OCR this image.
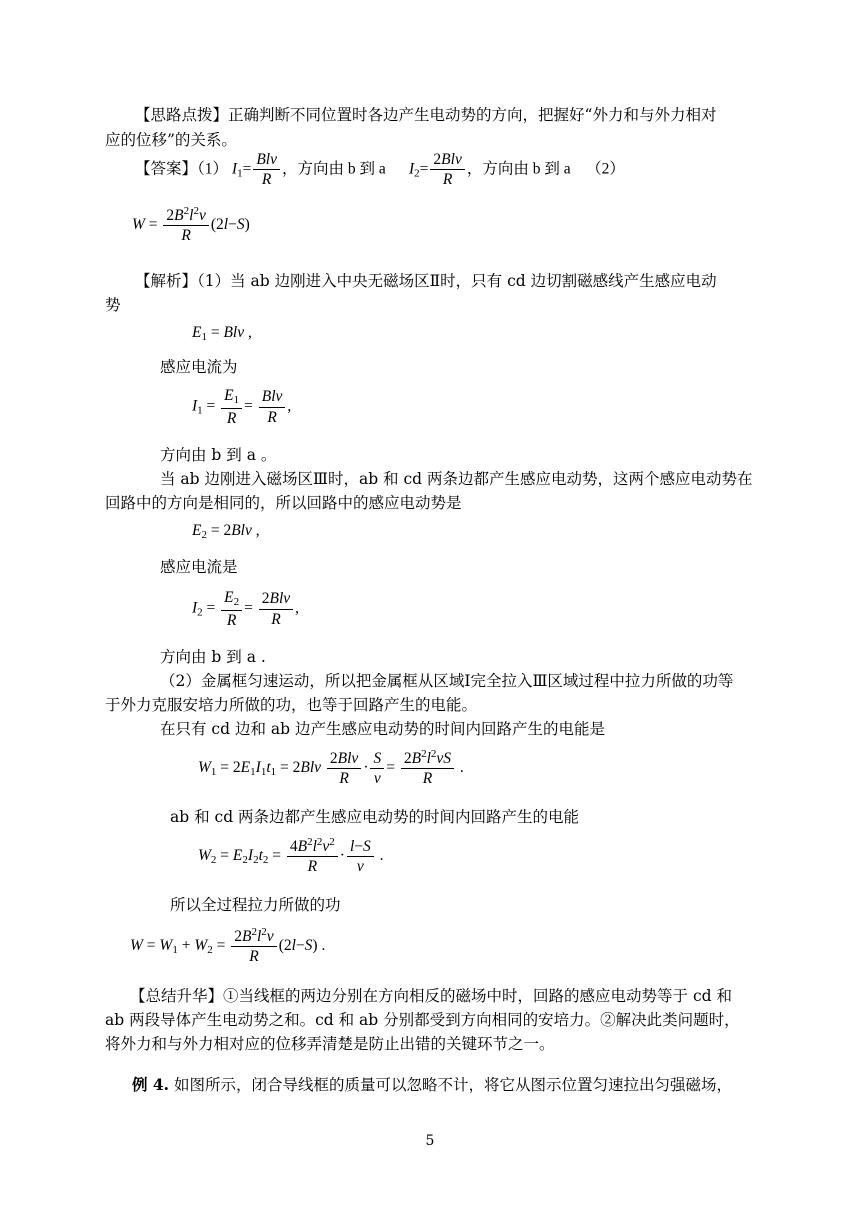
【思路点拨】正确判断不同位置时各边产生电动势的方向，把握好“外力和与外力相对
应的位移”的关系。
【答案】（1） $I_1= \frac{\text{Blv}}{R}$ ，方向由 b 到 a $I_2= \frac{\text{2Blv}}{R}$ ，方向由 b 到 a （2）
$W = \frac{2B^2l^2v}{R} (2l-S)$
【解析】（1）当 ab 边刚进入中央无磁场区Ⅱ时，只有 cd 边切割磁感线产生感应电动
势
$E_1$ = Blv ,
感应电流为
$I_1 = \frac{E_1}{R} = \frac{\text{Blv}}{R}$ ,
方向由 b 到 a 。
当 ab 边刚进入磁场区Ⅲ时，ab 和 cd 两条边都产生感应电动势，这两个感应电动势在
回路中的方向是相同的，所以回路中的感应电动势是
$E_2 = 2Blv$ ,
感应电流是
$I_2 = \frac{E_2}{R} = \frac{\text{2Blv}}{R}$ ,
方向由 b 到 a .
（2）金属框匀速运动，所以把金属框从区域Ⅰ完全拉入Ⅲ区域过程中拉力所做的功等
于外力克服安培力所做的功，也等于回路产生的电能。
在只有 cd 边和 ab 边产生感应电动势的时间内回路产生的电能是
$W_1 = 2E_1I_1t_1 = 2Blv \frac{\text{2Blv}}{R} \cdot \frac{S}{v} = \frac{2B^2l^2vS}{R}$ .
ab 和 cd 两条边都产生感应电动势的时间内回路产生的电能
$W_2 = E_2I_2t_2 = \frac{4B^2l^2v^2}{R} \cdot \frac{l-S}{v}$ .
所以全过程拉力所做的功
$W = W_1 + W_2 = \frac{2B^2l^2v}{R} (2l-S)$ .
【总结升华】①当线框的两边分别在方向相反的磁场中时，回路的感应电动势等于 cd 和
ab 两段导体产生电动势之和。cd 和 ab 分别都受到方向相同的安培力。②解决此类问题时，
将外力和与外力相对应的位移弄清楚是防止出错的关键环节之一。
例 4. 如图所示，闭合导线框的质量可以忽略不计，将它从图示位置匀速拉出匀强磁场，
5
